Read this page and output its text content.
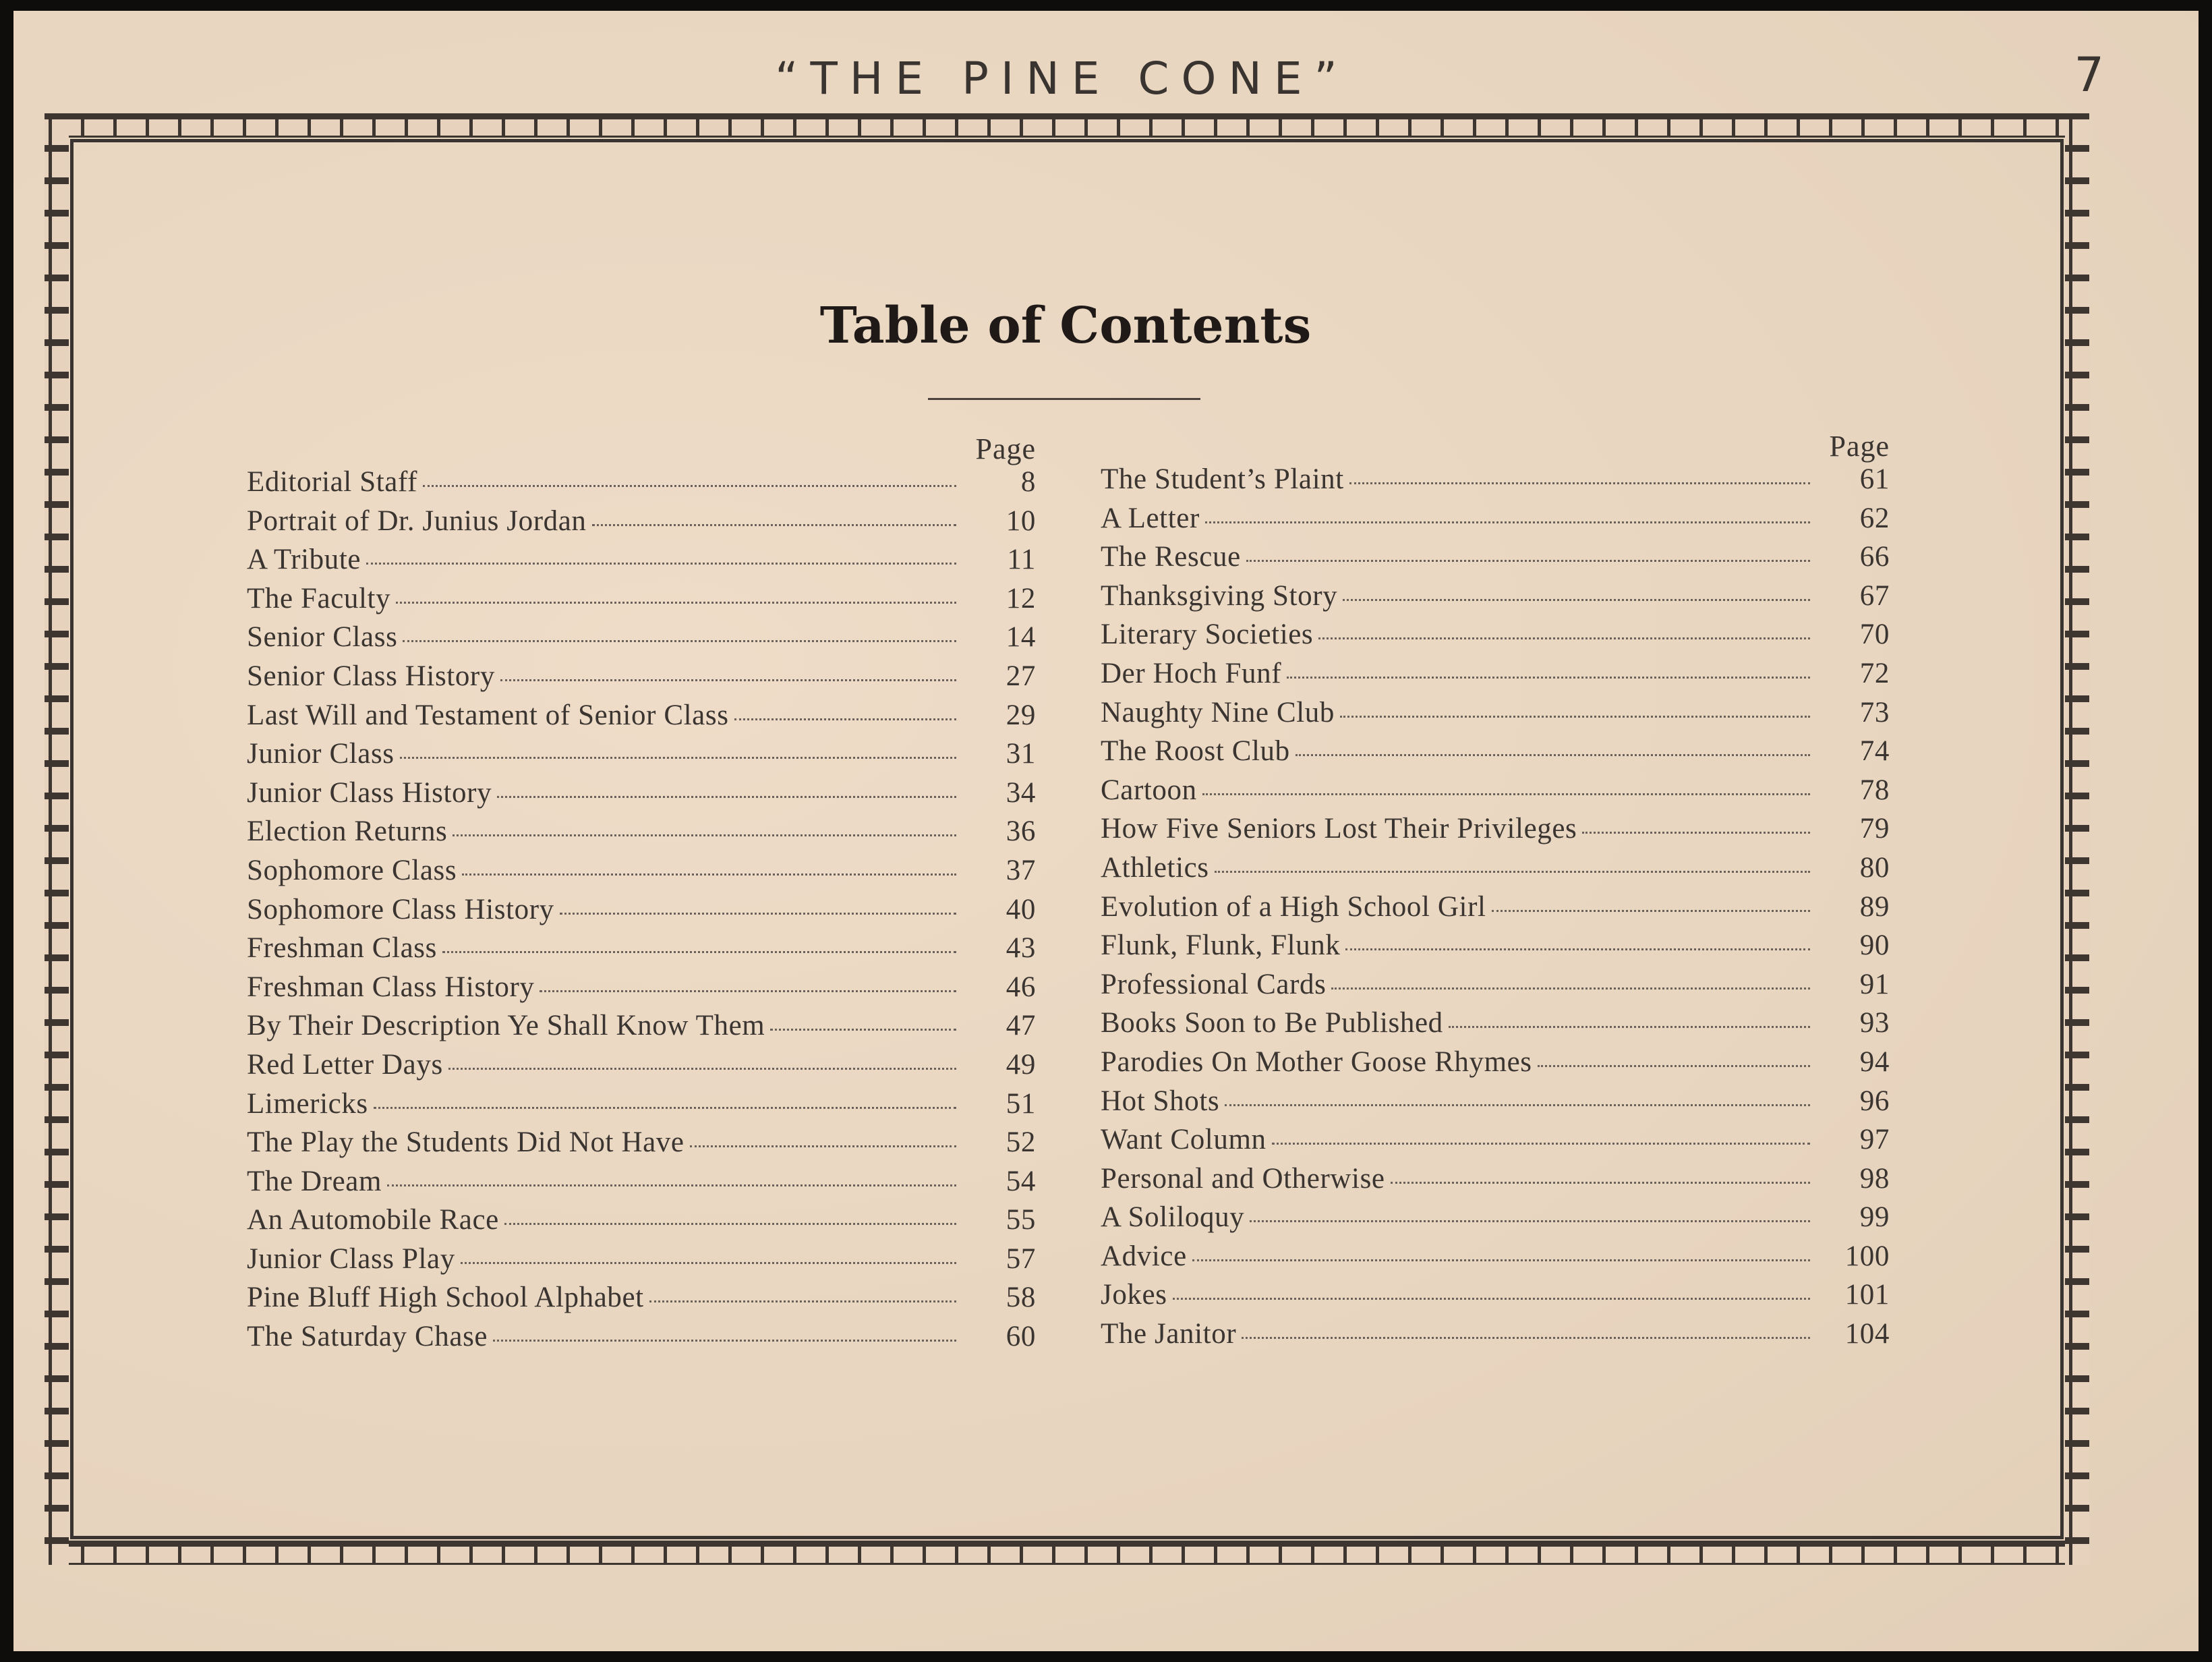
“THE PINE CONE”	7
Table of Contents
Page
Editorial Staff	8
Portrait of Dr. Junius Jordan	10
A Tribute	11
The Faculty	12
Senior Class	14
Senior Class History	27
Last Will and Testament of Senior Class	29
Junior Class	31
Junior Class History	34
Election Returns	36
Sophomore Class	37
Sophomore Class History	40
Freshman Class	43
Freshman Class History	46
By Their Description Ye Shall Know Them	47
Red Letter Days	49
Limericks	51
The Play the Students Did Not Have	52
The Dream	54
An Automobile Race	55
Junior Class Play	57
Pine Bluff High School Alphabet	58
The Saturday Chase	60
Page
The Student’s Plaint	61
A Letter	62
The Rescue	66
Thanksgiving Story	67
Literary Societies	70
Der Hoch Funf	72
Naughty Nine Club	73
The Roost Club	74
Cartoon	78
How Five Seniors Lost Their Privileges	79
Athletics	80
Evolution of a High School Girl	89
Flunk, Flunk, Flunk	90
Professional Cards	91
Books Soon to Be Published	93
Parodies On Mother Goose Rhymes	94
Hot Shots	96
Want Column	97
Personal and Otherwise	98
A Soliloquy	99
Advice	100
Jokes	101
The Janitor	104
